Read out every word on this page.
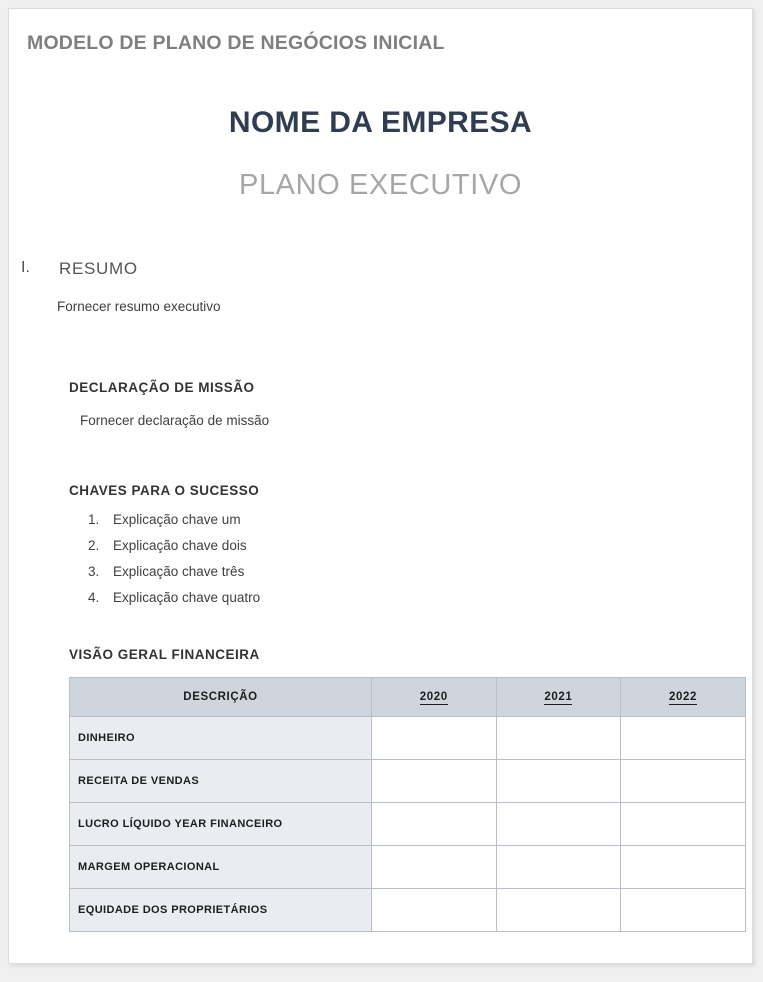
MODELO DE PLANO DE NEGÓCIOS INICIAL
NOME DA EMPRESA
PLANO EXECUTIVO
I. RESUMO
Fornecer resumo executivo
DECLARAÇÃO DE MISSÃO
Fornecer declaração de missão
CHAVES PARA O SUCESSO
1. Explicação chave um
2. Explicação chave dois
3. Explicação chave três
4. Explicação chave quatro
VISÃO GERAL FINANCEIRA
DESCRIÇÃO	2020	2021	2022
DINHEIRO			
RECEITA DE VENDAS			
LUCRO LÍQUIDO YEAR FINANCEIRO			
MARGEM OPERACIONAL			
EQUIDADE DOS PROPRIETÁRIOS			
